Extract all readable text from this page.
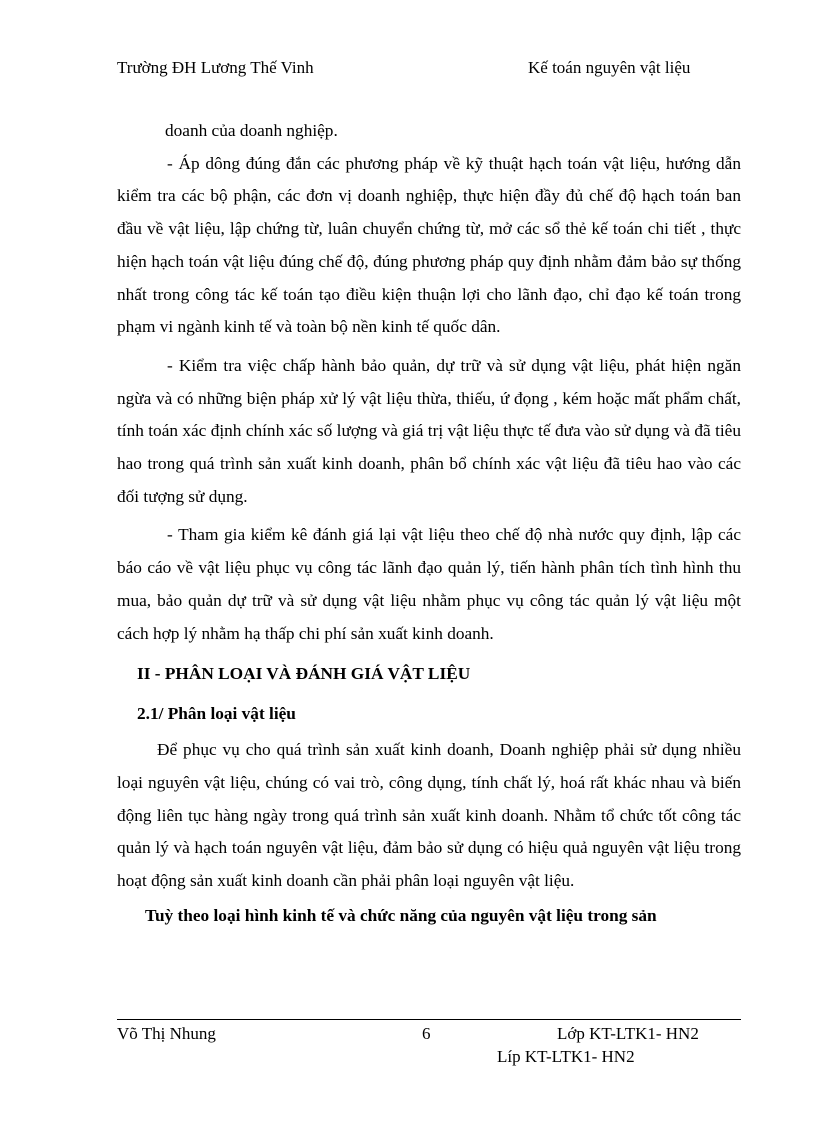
Trường ĐH Lương Thế Vinh	Kế toán nguyên vật liệu

doanh của doanh nghiệp.

- Áp dông đúng đắn các phương pháp về kỹ thuật hạch toán vật liệu, hướng dẫn kiểm tra các bộ phận, các đơn vị doanh nghiệp, thực hiện đầy đủ chế độ hạch toán ban đầu về vật liệu, lập chứng từ, luân chuyển chứng từ, mở các sổ thẻ kế toán chi tiết , thực hiện hạch toán vật liệu đúng chế độ, đúng phương pháp quy định nhằm đảm bảo sự thống nhất trong công tác kế toán tạo điều kiện thuận lợi cho lãnh đạo, chỉ đạo kế toán trong phạm vi ngành kinh tế và toàn bộ nền kinh tế quốc dân.

- Kiểm tra việc chấp hành bảo quản, dự trữ và sử dụng vật liệu, phát hiện ngăn ngừa và có những biện pháp xử lý vật liệu thừa, thiếu, ứ đọng , kém hoặc mất phẩm chất, tính toán xác định chính xác số lượng và giá trị vật liệu thực tế đưa vào sử dụng và đã tiêu hao trong quá trình sản xuất kinh doanh, phân bổ chính xác vật liệu đã tiêu hao vào các đối tượng sử dụng.

- Tham gia kiểm kê đánh giá lại vật liệu theo chế độ nhà nước quy định, lập các báo cáo về vật liệu phục vụ công tác lãnh đạo quản lý, tiến hành phân tích tình hình thu mua, bảo quản dự trữ và sử dụng vật liệu nhằm phục vụ công tác quản lý vật liệu một cách hợp lý nhằm hạ thấp chi phí sản xuất kinh doanh.

II - PHÂN LOẠI VÀ ĐÁNH GIÁ VẬT LIỆU
2.1/ Phân loại vật liệu

Để phục vụ cho quá trình sản xuất kinh doanh, Doanh nghiệp phải sử dụng nhiều loại nguyên vật liệu, chúng có vai trò, công dụng, tính chất lý, hoá rất khác nhau và biến động liên tục hàng ngày trong quá trình sản xuất kinh doanh. Nhằm tổ chức tốt công tác quản lý và hạch toán nguyên vật liệu, đảm bảo sử dụng có hiệu quả nguyên vật liệu trong hoạt động sản xuất kinh doanh cần phải phân loại nguyên vật liệu.

Tuỳ theo loại hình kinh tế và chức năng của nguyên vật liệu trong sản

Võ Thị Nhung	6	Lớp KT-LTK1- HN2
Líp KT-LTK1- HN2
